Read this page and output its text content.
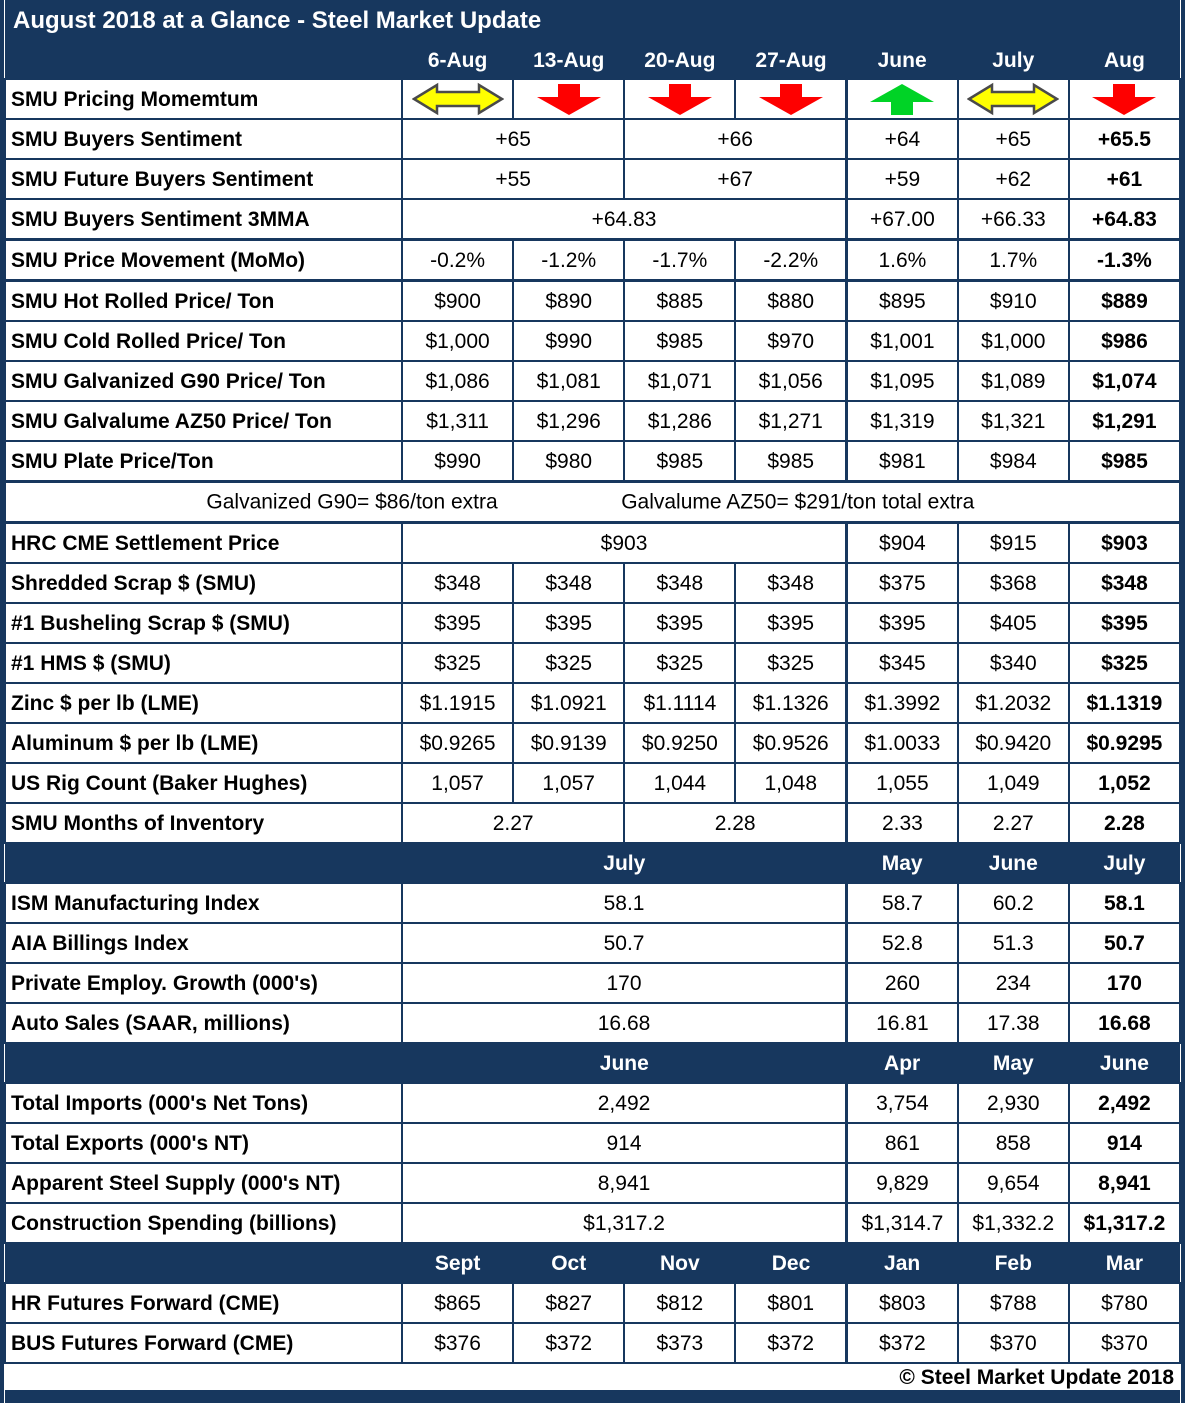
August 2018 at a Glance - Steel Market Update							
	6-Aug	13-Aug	20-Aug	27-Aug	June	July	Aug
SMU Pricing Momemtum	

SMU Buyers Sentiment	+65		+66		+64	+65	+65.5
SMU Future Buyers Sentiment	+55		+67		+59	+62	+61
SMU Buyers Sentiment 3MMA	+64.83				+67.00	+66.33	+64.83
SMU Price Movement (MoMo)	-0.2%	-1.2%	-1.7%	-2.2%	1.6%	1.7%	-1.3%
SMU Hot Rolled Price/ Ton	$900	$890	$885	$880	$895	$910	$889
SMU Cold Rolled Price/ Ton	$1,000	$990	$985	$970	$1,001	$1,000	$986
SMU Galvanized G90 Price/ Ton	$1,086	$1,081	$1,071	$1,056	$1,095	$1,089	$1,074
SMU Galvalume AZ50 Price/ Ton	$1,311	$1,296	$1,286	$1,271	$1,319	$1,321	$1,291
SMU Plate Price/Ton	$990	$980	$985	$985	$981	$984	$985

Galvanized G90= $86/ton extra Galvalume AZ50= $291/ton total extra							

HRC CME Settlement Price	$903				$904	$915	$903
Shredded Scrap $ (SMU)	$348	$348	$348	$348	$375	$368	$348
#1 Busheling Scrap $ (SMU)	$395	$395	$395	$395	$395	$405	$395
#1 HMS $ (SMU)	$325	$325	$325	$325	$345	$340	$325
Zinc $ per lb (LME)	$1.1915	$1.0921	$1.1114	$1.1326	$1.3992	$1.2032	$1.1319
Aluminum $ per lb (LME)	$0.9265	$0.9139	$0.9250	$0.9526	$1.0033	$0.9420	$0.9295
US Rig Count (Baker Hughes)	1,057	1,057	1,044	1,048	1,055	1,049	1,052
SMU Months of Inventory	2.27		2.28		2.33	2.27	2.28
	July				May	June	July
ISM Manufacturing Index	58.1				58.7	60.2	58.1
AIA Billings Index	50.7				52.8	51.3	50.7
Private Employ. Growth (000's)	170				260	234	170
Auto Sales (SAAR, millions)	16.68				16.81	17.38	16.68
	June				Apr	May	June
Total Imports (000's Net Tons)	2,492				3,754	2,930	2,492
Total Exports (000's NT)	914				861	858	914
Apparent Steel Supply (000's NT)	8,941				9,829	9,654	8,941
Construction Spending (billions)	$1,317.2				$1,314.7	$1,332.2	$1,317.2
	Sept	Oct	Nov	Dec	Jan	Feb	Mar
HR Futures Forward (CME)	$865	$827	$812	$801	$803	$788	$780
BUS Futures Forward (CME)	$376	$372	$373	$372	$372	$370	$370
© Steel Market Update 2018							
